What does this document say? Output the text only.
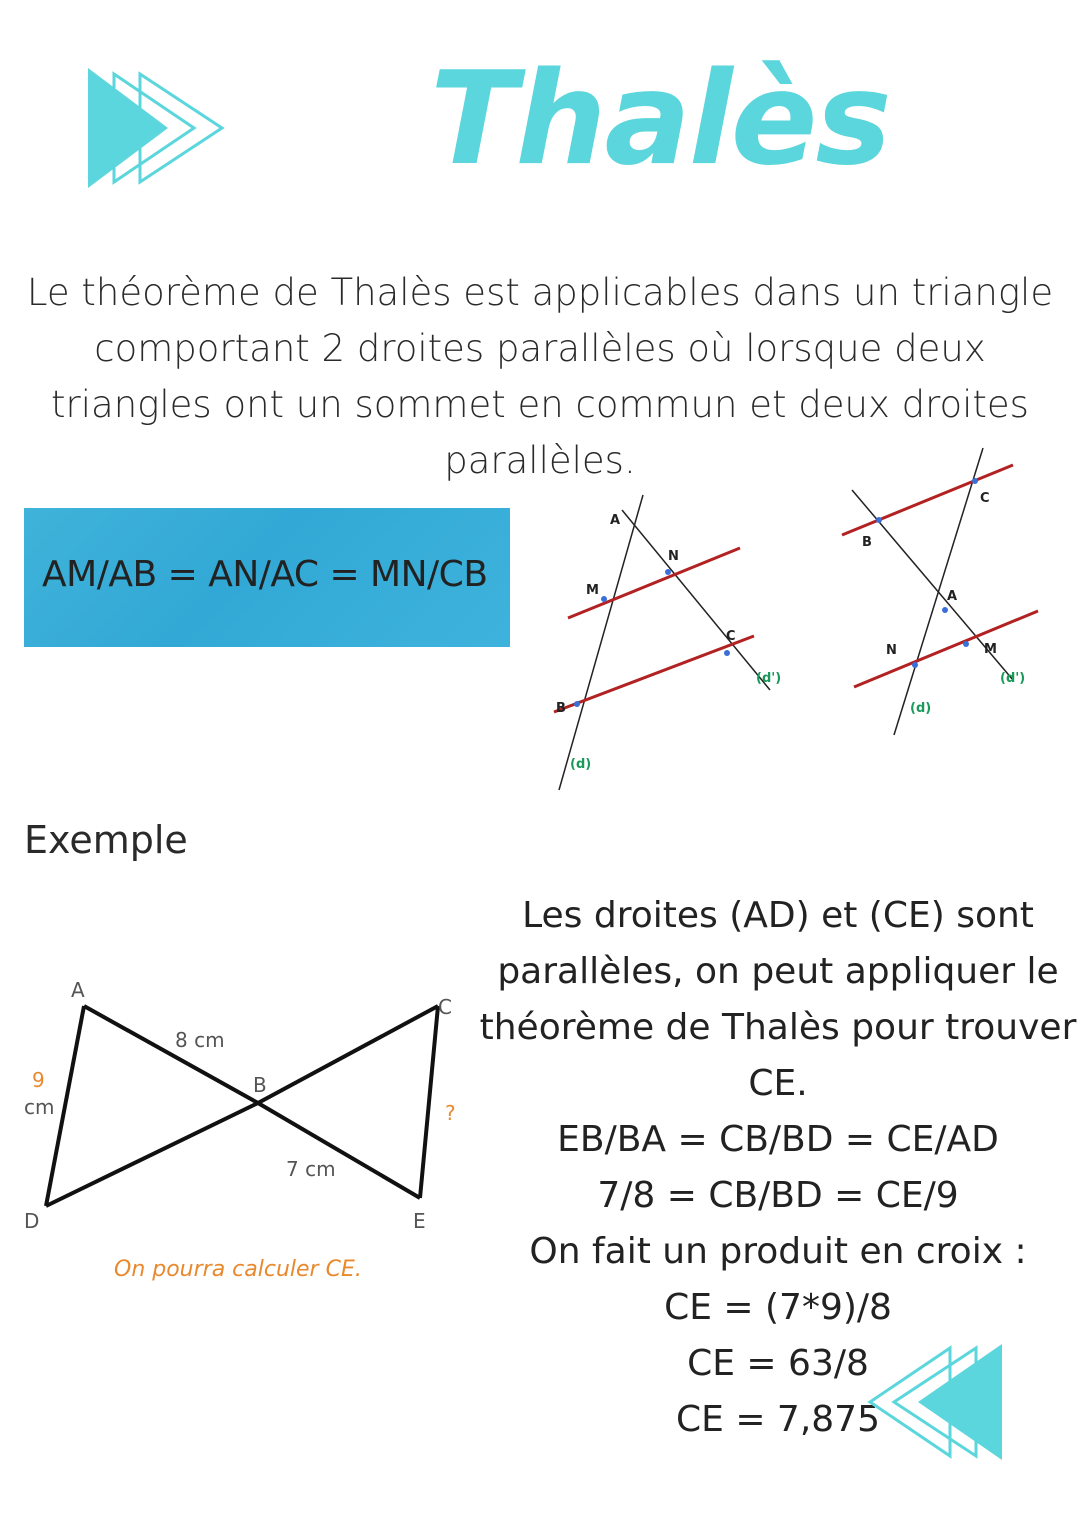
Thalès
Le théorème de Thalès est applicables dans un triangle comportant 2 droites parallèles où lorsque deux triangles ont un sommet en commun et deux droites parallèles.
AM/AB = AN/AC = MN/CB
A
M
N
C
B
(d)
(d')
B
C
A
N	M
(d)
(d')
Exemple
A
B
C
D	E
8 cm
7 cm
9
cm	?
On pourra calculer CE.
Les droites (AD) et (CE) sont
parallèles, on peut appliquer le
théorème de Thalès pour trouver
CE.
EB/BA = CB/BD = CE/AD
7/8 = CB/BD = CE/9
On fait un produit en croix :
CE = (7*9)/8
CE = 63/8
CE = 7,875
